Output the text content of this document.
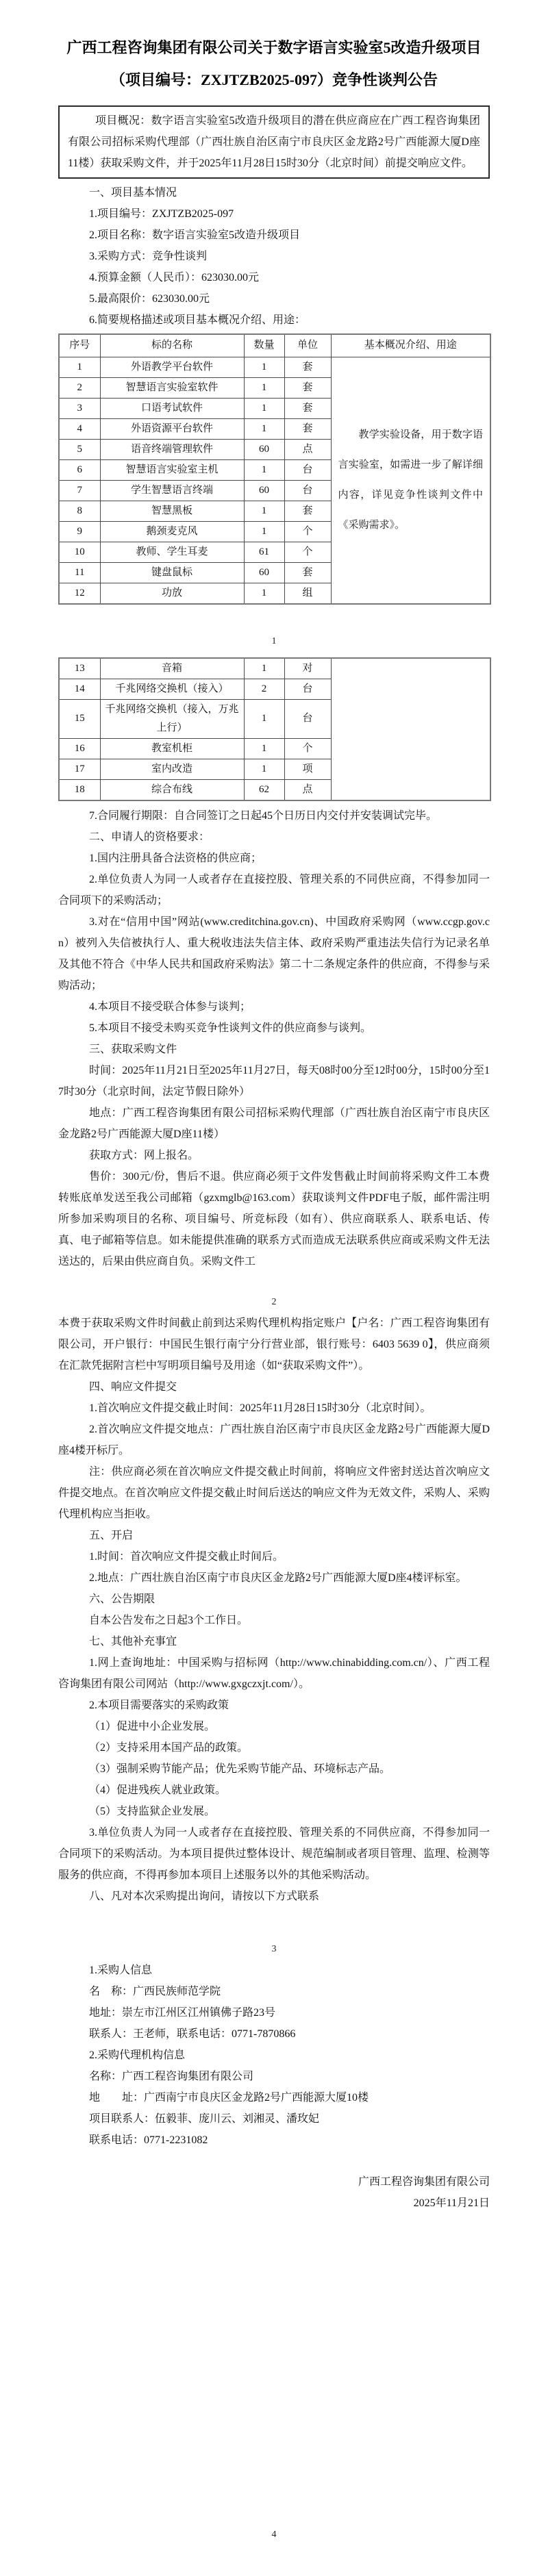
广西工程咨询集团有限公司关于数字语言实验室5改造升级项目
（项目编号：ZXJTZB2025-097）竞争性谈判公告

项目概况：数字语言实验室5改造升级项目的潜在供应商应在广西工程咨询集团有限公司招标采购代理部（广西壮族自治区南宁市良庆区金龙路2号广西能源大厦D座11楼）获取采购文件，并于2025年11月28日15时30分（北京时间）前提交响应文件。

一、项目基本情况

1.项目编号：ZXJTZB2025-097

2.项目名称：数字语言实验室5改造升级项目

3.采购方式：竞争性谈判

4.预算金额（人民币）：623030.00元

5.最高限价：623030.00元

6.简要规格描述或项目基本概况介绍、用途：

序号	标的名称	数量	单位	基本概况介绍、用途
1	外语教学平台软件	1	套	教学实验设备，用于数字语言实验室，如需进一步了解详细内容，详见竞争性谈判文件中《采购需求》。

2	智慧语言实验室软件	1	套	
3	口语考试软件	1	套	
4	外语资源平台软件	1	套	
5	语音终端管理软件	60	点	
6	智慧语言实验室主机	1	台	
7	学生智慧语言终端	60	台	
8	智慧黑板	1	套	
9	鹅颈麦克风	1	个	
10	教师、学生耳麦	61	个	
11	键盘鼠标	60	套	
12	功放	1	组	

1

13	音箱	1	对	
14	千兆网络交换机（接入）	2	台	
15	千兆网络交换机（接入，万兆上行）	1	台	
16	教室机柜	1	个	
17	室内改造	1	项	
18	综合布线	62	点	

7.合同履行期限：自合同签订之日起45个日历日内交付并安装调试完毕。

二、申请人的资格要求：

1.国内注册具备合法资格的供应商；

2.单位负责人为同一人或者存在直接控股、管理关系的不同供应商，不得参加同一合同项下的采购活动；

3.对在“信用中国”网站(www.creditchina.gov.cn)、中国政府采购网（www.ccgp.gov.cn）被列入失信被执行人、重大税收违法失信主体、政府采购严重违法失信行为记录名单及其他不符合《中华人民共和国政府采购法》第二十二条规定条件的供应商，不得参与采购活动；

4.本项目不接受联合体参与谈判；

5.本项目不接受未购买竞争性谈判文件的供应商参与谈判。

三、获取采购文件

时间：2025年11月21日至2025年11月27日，每天08时00分至12时00分，15时00分至17时30分（北京时间，法定节假日除外）

地点：广西工程咨询集团有限公司招标采购代理部（广西壮族自治区南宁市良庆区金龙路2号广西能源大厦D座11楼）

获取方式：网上报名。

售价：300元/份，售后不退。供应商必须于文件发售截止时间前将采购文件工本费转账底单发送至我公司邮箱（gzxmglb@163.com）获取谈判文件PDF电子版，邮件需注明所参加采购项目的名称、项目编号、所竞标段（如有）、供应商联系人、联系电话、传真、电子邮箱等信息。如未能提供准确的联系方式而造成无法联系供应商或采购文件无法送达的，后果由供应商自负。采购文件工

2

本费于获取采购文件时间截止前到达采购代理机构指定账户【户名：广西工程咨询集团有限公司，开户银行：中国民生银行南宁分行营业部，银行账号：6403 5639 0】，供应商须在汇款凭据附言栏中写明项目编号及用途（如“获取采购文件”）。

四、响应文件提交

1.首次响应文件提交截止时间：2025年11月28日15时30分（北京时间）。

2.首次响应文件提交地点：广西壮族自治区南宁市良庆区金龙路2号广西能源大厦D座4楼开标厅。

注：供应商必须在首次响应文件提交截止时间前，将响应文件密封送达首次响应文件提交地点。在首次响应文件提交截止时间后送达的响应文件为无效文件，采购人、采购代理机构应当拒收。

五、开启

1.时间：首次响应文件提交截止时间后。

2.地点：广西壮族自治区南宁市良庆区金龙路2号广西能源大厦D座4楼评标室。

六、公告期限

自本公告发布之日起3个工作日。

七、其他补充事宜

1.网上查询地址：中国采购与招标网（http://www.chinabidding.com.cn/）、广西工程咨询集团有限公司网站（http://www.gxgczxjt.com/）。

2.本项目需要落实的采购政策

（1）促进中小企业发展。

（2）支持采用本国产品的政策。

（3）强制采购节能产品；优先采购节能产品、环境标志产品。

（4）促进残疾人就业政策。

（5）支持监狱企业发展。

3.单位负责人为同一人或者存在直接控股、管理关系的不同供应商，不得参加同一合同项下的采购活动。为本项目提供过整体设计、规范编制或者项目管理、监理、检测等服务的供应商，不得再参加本项目上述服务以外的其他采购活动。

八、凡对本次采购提出询问，请按以下方式联系

3

1.采购人信息

名　称：广西民族师范学院

地址：崇左市江州区江州镇佛子路23号

联系人：王老师，联系电话：0771-7870866

2.采购代理机构信息

名称：广西工程咨询集团有限公司

地　　址：广西南宁市良庆区金龙路2号广西能源大厦10楼

项目联系人：伍毅菲、庞川云、刘湘灵、潘玫妃

联系电话：0771-2231082

广西工程咨询集团有限公司

2025年11月21日

4
